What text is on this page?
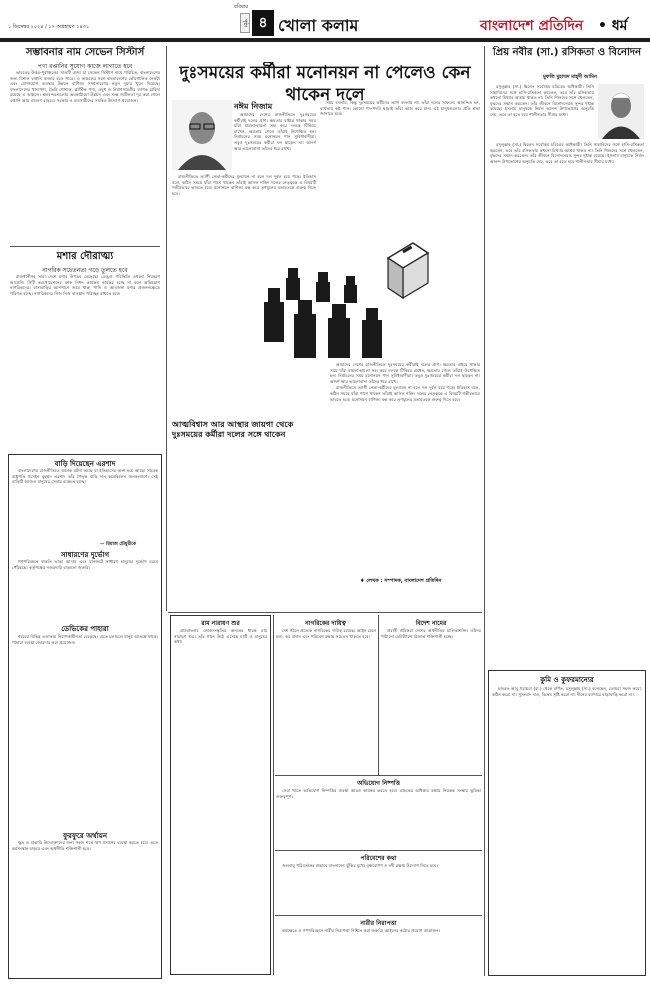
রবিবার
১ ডিসেম্বর ২০২৪ / ১৭ অগ্রহায়ণ ১৪৩১	পৃষ্ঠা ৪ খোলা কলাম	বাংলাদেশ প্রতিদিন • ধর্ম
সম্ভাবনার নাম সেভেন সিস্টার্স
পণ্য রপ্তানির সুযোগ কাজে লাগাতে হবে

ভারতের উত্তর-পূর্বাঞ্চলের সাতটি রাজ্য যা সেভেন সিস্টার্স নামে পরিচিত, বাংলাদেশের জন্য বিশাল রপ্তানি বাজার হতে পারে। এ অঞ্চলের সঙ্গে বাংলাদেশের ভৌগোলিক নৈকট্য এবং যোগাযোগ ব্যবস্থার উন্নয়ন বাণিজ্য সম্প্রসারণের নতুন দুয়ার খুলে দিয়েছে। বাংলাদেশের খাদ্যপণ্য, তৈরি পোশাক, প্লাস্টিক পণ্য, ওষুধ ও নির্মাণসামগ্রীর ব্যাপক চাহিদা রয়েছে এ অঞ্চলে। স্থলবন্দরগুলোর অবকাঠামো উন্নয়ন এবং শুল্ক জটিলতা দূর করা গেলে রপ্তানি আয় বহুগুণ বাড়বে। সরকার ও ব্যবসায়ীদের সমন্বিত উদ্যোগ প্রয়োজন।

মশার দৌরাত্ম্য
নাগরিক সচেতনতা গড়ে তুলতে হবে

রাজধানীসহ সারা দেশে মশার উপদ্রব বেড়েছে। ডেঙ্গু পরিস্থিতি এখনো নিয়ন্ত্রণে আসেনি। সিটি করপোরেশনের মশক নিধন কার্যক্রম কার্যকর হচ্ছে না বলে অভিযোগ নাগরিকদের। বাসাবাড়ির আশপাশে জমে থাকা পানি ও আবর্জনা মশার প্রজননক্ষেত্রে পরিণত হচ্ছে। নাগরিকদের নিজ নিজ বাসস্থান পরিচ্ছন্ন রাখতে হবে।

বাড়ি দিয়েছেন এরশাদ

বাংলাদেশের রাজনীতিতে অনেক ঘটনা আছে যা ইতিহাসের অংশ হয়ে আছে। সাবেক রাষ্ট্রপতি হুসেইন মুহম্মদ এরশাদ তাঁর পৈতৃক বাড়ি দান করেছিলেন জনকল্যাণে। সেই বাড়িটি আজও মানুষের সেবায় ব্যবহৃত হচ্ছে।

— রিয়াজ চৌধুরীকে
সাধারণের দুর্ভোগ

গণপরিবহনে বাড়তি ভাড়া আদায় এবং যানজটে সাধারণ মানুষের দুর্ভোগ চরমে পৌঁছেছে। কর্তৃপক্ষের নজরদারি বাড়ানো জরুরি।

ডেভিকের পাহারা

শহরের বিভিন্ন এলাকায় নিরাপত্তাহীনতা বেড়েছে। রাতে চলাচলে মানুষ আতঙ্কে থাকে। পাহারা ব্যবস্থা জোরদার করা প্রয়োজন।

ফুরফুরে অর্থায়ন

ক্ষুদ্র ও মাঝারি উদ্যোক্তাদের জন্য সহজ শর্তে ঋণ প্রদানের ব্যবস্থা করতে হবে। এতে কর্মসংস্থান বাড়বে এবং অর্থনীতি শক্তিশালী হবে।

দুঃসময়ের কর্মীরা মনোনয়ন না পেলেও কেন থাকেন দলে
নঈম নিজাম

আমাদের দেশের রাজনীতিতে দুঃসময়ের কর্মীরাই দলের প্রাণ। ক্ষমতার বাইরে থাকার সময় যাঁরা মামলা-হামলা সহ্য করে দলকে টিকিয়ে রাখেন, ক্ষমতায় গেলে তাঁরাই উপেক্ষিত হন। নির্বাচনের সময় মনোনয়ন পান সুবিধাবাদীরা। তবুও দুঃসময়ের কর্মীরা দল ছাড়েন না। আদর্শ আর ভালোবাসা তাঁদের ধরে রাখে।

রাজনীতিতে ত্যাগী নেতা-কর্মীদের মূল্যায়ন না হলে দল দুর্বল হয়ে পড়ে। ইতিহাস বলে, কঠিন সময়ে যাঁরা পাশে থাকেন তাঁরাই আসল শক্তি। দলের নেতৃত্বকে এ বিষয়টি গভীরভাবে ভাবতে হবে। মনোনয়ন বাণিজ্য বন্ধ করে তৃণমূলের মতামতকে গুরুত্ব দিতে হবে।

সময় বদলায়, কিন্তু দুঃসময়ের কর্মীদের ত্যাগ বদলায় না। তাঁরা দলের সাফল্যে আনন্দিত হন, ব্যর্থতায় কষ্ট পান। কোনো পদ-পদবি ছাড়াই তাঁরা কাজ করে যান। এই মানুষগুলোর প্রতি শ্রদ্ধা জানাতে হবে।

আত্মবিশ্বাস আর আস্থার জায়গা থেকে দুঃসময়ের কর্মীরা দলের সঙ্গে থাকেন

আমাদের দেশের রাজনীতিতে দুঃসময়ের কর্মীরাই দলের প্রাণ। ক্ষমতার বাইরে থাকার সময় যাঁরা মামলা-হামলা সহ্য করে দলকে টিকিয়ে রাখেন, ক্ষমতায় গেলে তাঁরাই উপেক্ষিত হন। নির্বাচনের সময় মনোনয়ন পান সুবিধাবাদীরা। তবুও দুঃসময়ের কর্মীরা দল ছাড়েন না। আদর্শ আর ভালোবাসা তাঁদের ধরে রাখে।

রাজনীতিতে ত্যাগী নেতা-কর্মীদের মূল্যায়ন না হলে দল দুর্বল হয়ে পড়ে। ইতিহাস বলে, কঠিন সময়ে যাঁরা পাশে থাকেন তাঁরাই আসল শক্তি। দলের নেতৃত্বকে এ বিষয়টি গভীরভাবে ভাবতে হবে। মনোনয়ন বাণিজ্য বন্ধ করে তৃণমূলের মতামতকে গুরুত্ব দিতে হবে।

♦ লেখক : সম্পাদক, বাংলাদেশ প্রতিদিন
প্রিয় নবীর (সা.) রসিকতা ও বিনোদন
মুফতি মুহাম্মদ মাহ্‌দী আমিন

রসুলুল্লাহ (সা.) ছিলেন সর্বোত্তম চরিত্রের অধিকারী। তিনি সাহাবিদের সঙ্গে হাসি-রসিকতা করতেন, তবে তাঁর রসিকতায় কখনো মিথ্যার আশ্রয় থাকত না। তিনি শিশুদের সঙ্গে খেলতেন, বৃদ্ধদের সম্মান করতেন। তাঁর জীবনে বিনোদনেরও সুন্দর দৃষ্টান্ত রয়েছে। ইসলাম মানুষকে নির্মল আনন্দ উপভোগের অনুমতি দেয়, তবে তা হতে হবে শালীনতার সীমার মধ্যে।

রসুলুল্লাহ (সা.) ছিলেন সর্বোত্তম চরিত্রের অধিকারী। তিনি সাহাবিদের সঙ্গে হাসি-রসিকতা করতেন, তবে তাঁর রসিকতায় কখনো মিথ্যার আশ্রয় থাকত না। তিনি শিশুদের সঙ্গে খেলতেন, বৃদ্ধদের সম্মান করতেন। তাঁর জীবনে বিনোদনেরও সুন্দর দৃষ্টান্ত রয়েছে। ইসলাম মানুষকে নির্মল আনন্দ উপভোগের অনুমতি দেয়, তবে তা হতে হবে শালীনতার সীমার মধ্যে।

কুমি ও কুফরমান্যের

হজরত আবু হুরায়রা (রা.) থেকে বর্ণিত, রসুলুল্লাহ (সা.) বলেছেন, তোমরা সহজ করো, কঠিন করো না। সুসংবাদ দাও, বিদ্বেষ সৃষ্টি করো না। দীনের ব্যাপারে বাড়াবাড়ি করো না।

রাম নারায়ণ শুর

গ্রামবাংলার লোকসংস্কৃতির অন্যতম ধারক রাম নারায়ণ শুর। তাঁর গানে উঠে এসেছে মাটি ও মানুষের কথা।

নাগরিকের দায়িত্ব

দেশ গঠনে প্রত্যেক নাগরিকের দায়িত্ব রয়েছে। আইন মেনে চলা, কর প্রদান এবং পরিবেশ রক্ষায় সচেতন থাকতে হবে।

বিদেশ নামের

প্রবাসী শ্রমিকরা দেশের অর্থনীতির চালিকাশক্তি। তাঁদের পাঠানো রেমিট্যান্সে রিজার্ভ শক্তিশালী হচ্ছে।

অভিযোগ নিষ্পত্তি

সেবা খাতে অভিযোগ নিষ্পত্তির ব্যবস্থা আরও কার্যকর করতে হবে। গ্রাহকের অধিকার রক্ষায় নিয়ন্ত্রক সংস্থার ভূমিকা গুরুত্বপূর্ণ।

পরিবেশের কথা

জলবায়ু পরিবর্তনের প্রভাবে বাংলাদেশ ঝুঁকির মুখে। বৃক্ষরোপণ ও নদী রক্ষায় উদ্যোগ নিতে হবে।

নারীর নিরাপত্তা

কর্মক্ষেত্রে ও গণপরিবহনে নারীর নিরাপত্তা নিশ্চিত করা জরুরি। আইনের কঠোর প্রয়োগ প্রয়োজন।
